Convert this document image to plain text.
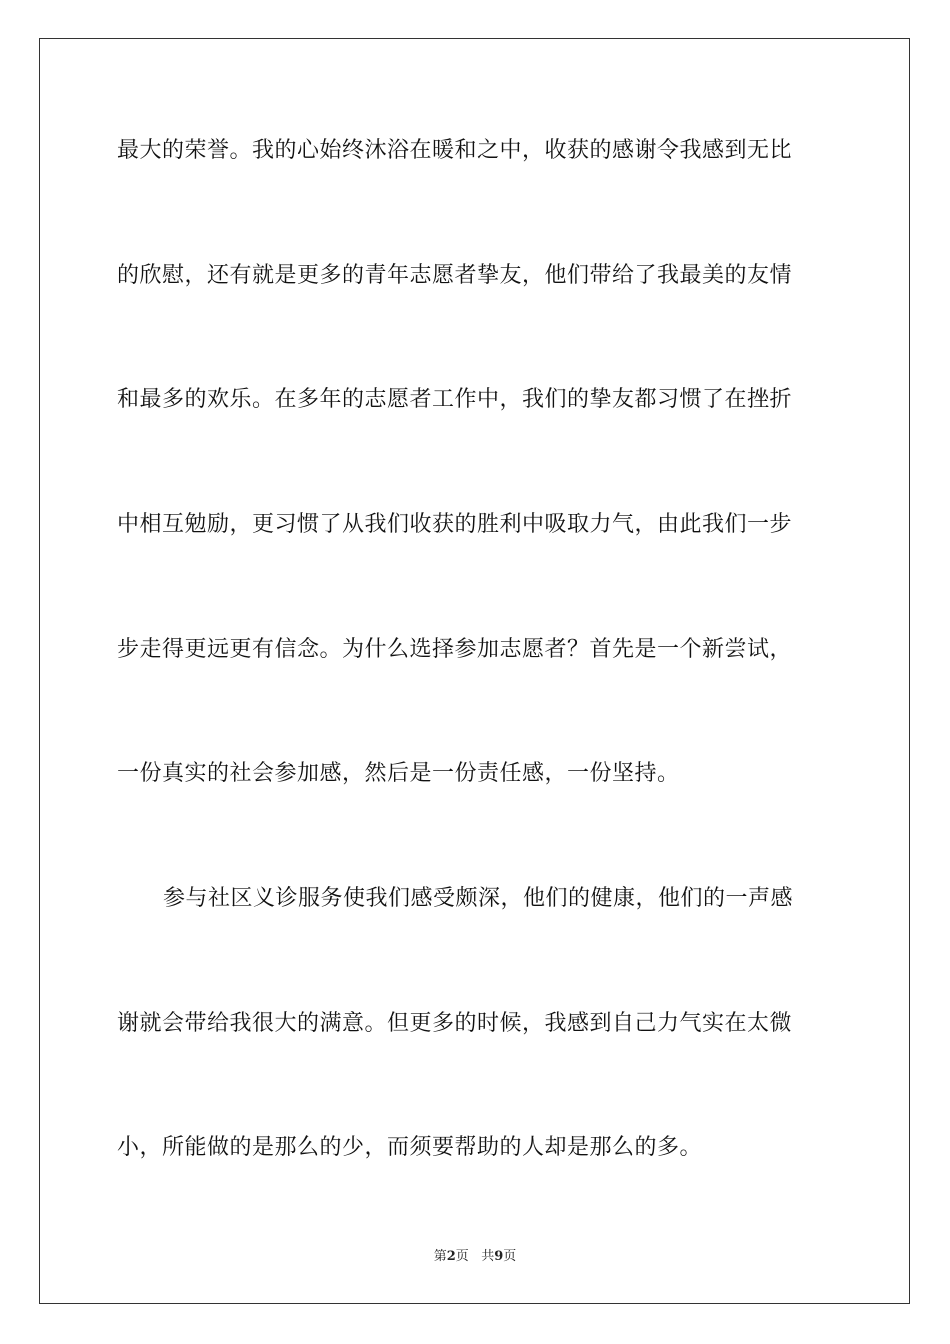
最大的荣誉。我的心始终沐浴在暖和之中，收获的感谢令我感到无比
的欣慰，还有就是更多的青年志愿者挚友，他们带给了我最美的友情
和最多的欢乐。在多年的志愿者工作中，我们的挚友都习惯了在挫折
中相互勉励，更习惯了从我们收获的胜利中吸取力气，由此我们一步
步走得更远更有信念。为什么选择参加志愿者？首先是一个新尝试，
一份真实的社会参加感，然后是一份责任感，一份坚持。
参与社区义诊服务使我们感受颇深，他们的健康，他们的一声感
谢就会带给我很大的满意。但更多的时候，我感到自己力气实在太微
小，所能做的是那么的少，而须要帮助的人却是那么的多。
第2页 共9页
